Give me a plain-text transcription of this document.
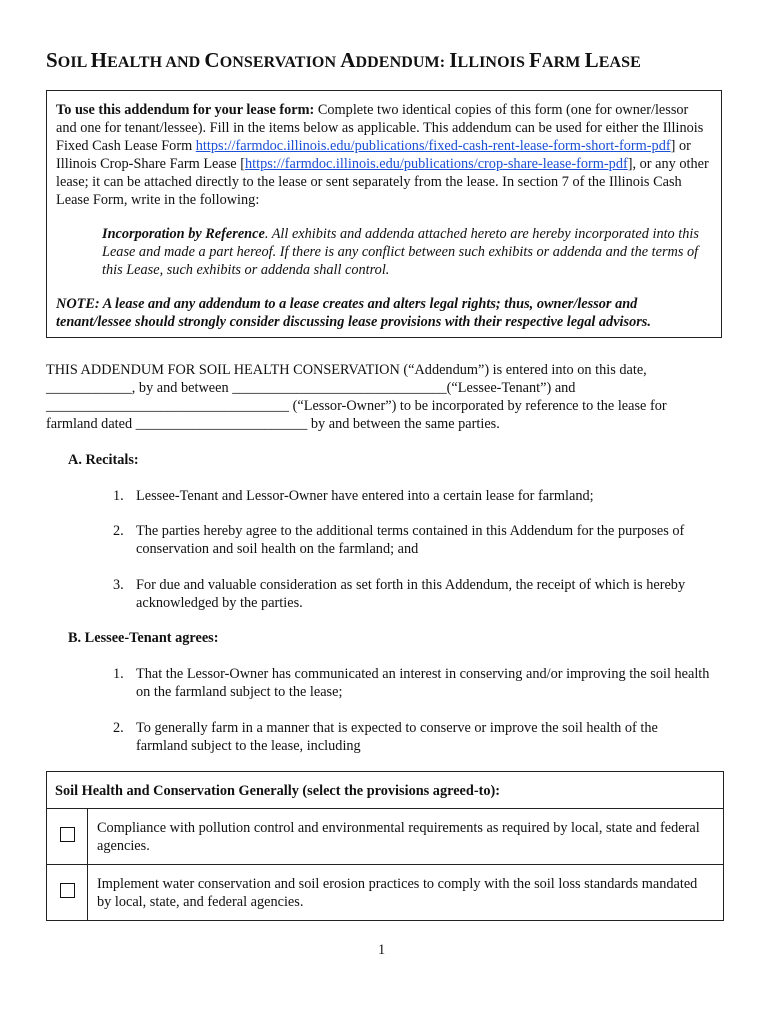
SOIL HEALTH AND CONSERVATION ADDENDUM: ILLINOIS FARM LEASE
To use this addendum for your lease form: Complete two identical copies of this form (one for owner/lessor and one for tenant/lessee). Fill in the items below as applicable. This addendum can be used for either the Illinois Fixed Cash Lease Form https://farmdoc.illinois.edu/publications/fixed-cash-rent-lease-form-short-form-pdf] or Illinois Crop-Share Farm Lease [https://farmdoc.illinois.edu/publications/crop-share-lease-form-pdf], or any other lease; it can be attached directly to the lease or sent separately from the lease. In section 7 of the Illinois Cash Lease Form, write in the following:
Incorporation by Reference. All exhibits and addenda attached hereto are hereby incorporated into this Lease and made a part hereof. If there is any conflict between such exhibits or addenda and the terms of this Lease, such exhibits or addenda shall control.
NOTE: A lease and any addendum to a lease creates and alters legal rights; thus, owner/lessor and tenant/lessee should strongly consider discussing lease provisions with their respective legal advisors.
THIS ADDENDUM FOR SOIL HEALTH CONSERVATION (“Addendum”) is entered into on this date,
____________, by and between ______________________________(“Lessee-Tenant”) and
__________________________________ (“Lessor-Owner”) to be incorporated by reference to the lease for
farmland dated ________________________ by and between the same parties.
A. Recitals:
1. Lessee-Tenant and Lessor-Owner have entered into a certain lease for farmland;
2. The parties hereby agree to the additional terms contained in this Addendum for the purposes of conservation and soil health on the farmland; and
3. For due and valuable consideration as set forth in this Addendum, the receipt of which is hereby acknowledged by the parties.
B. Lessee-Tenant agrees:
1. That the Lessor-Owner has communicated an interest in conserving and/or improving the soil health on the farmland subject to the lease;
2. To generally farm in a manner that is expected to conserve or improve the soil health of the farmland subject to the lease, including
Soil Health and Conservation Generally (select the provisions agreed-to):	
	Compliance with pollution control and environmental requirements as required by local, state and federal agencies.
	Implement water conservation and soil erosion practices to comply with the soil loss standards mandated by local, state, and federal agencies.
1
